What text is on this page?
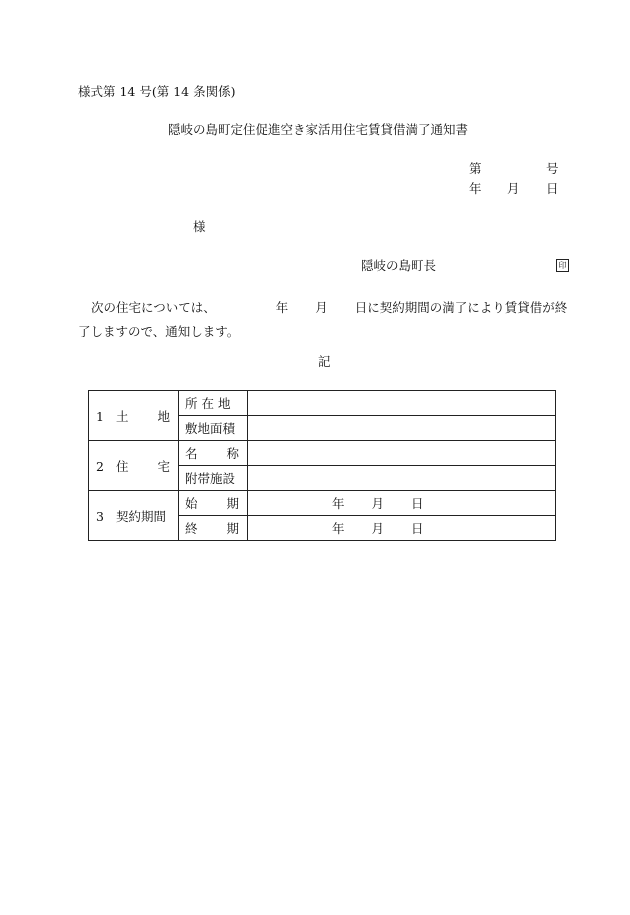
様式第 14 号(第 14 条関係)
隠岐の島町定住促進空き家活用住宅賃貸借満了通知書
第	号
年 月 日
様
隠岐の島町長	印
次の住宅については、	年 月 日に契約期間の満了により賃貸借が終
了しますので、通知します。
記
1 土 地	所 在 地	
	敷地面積	

2 住 宅	名 称	

	附帯施設	
3 契約期間	始 期	年 月 日

	終 期	年 月 日
